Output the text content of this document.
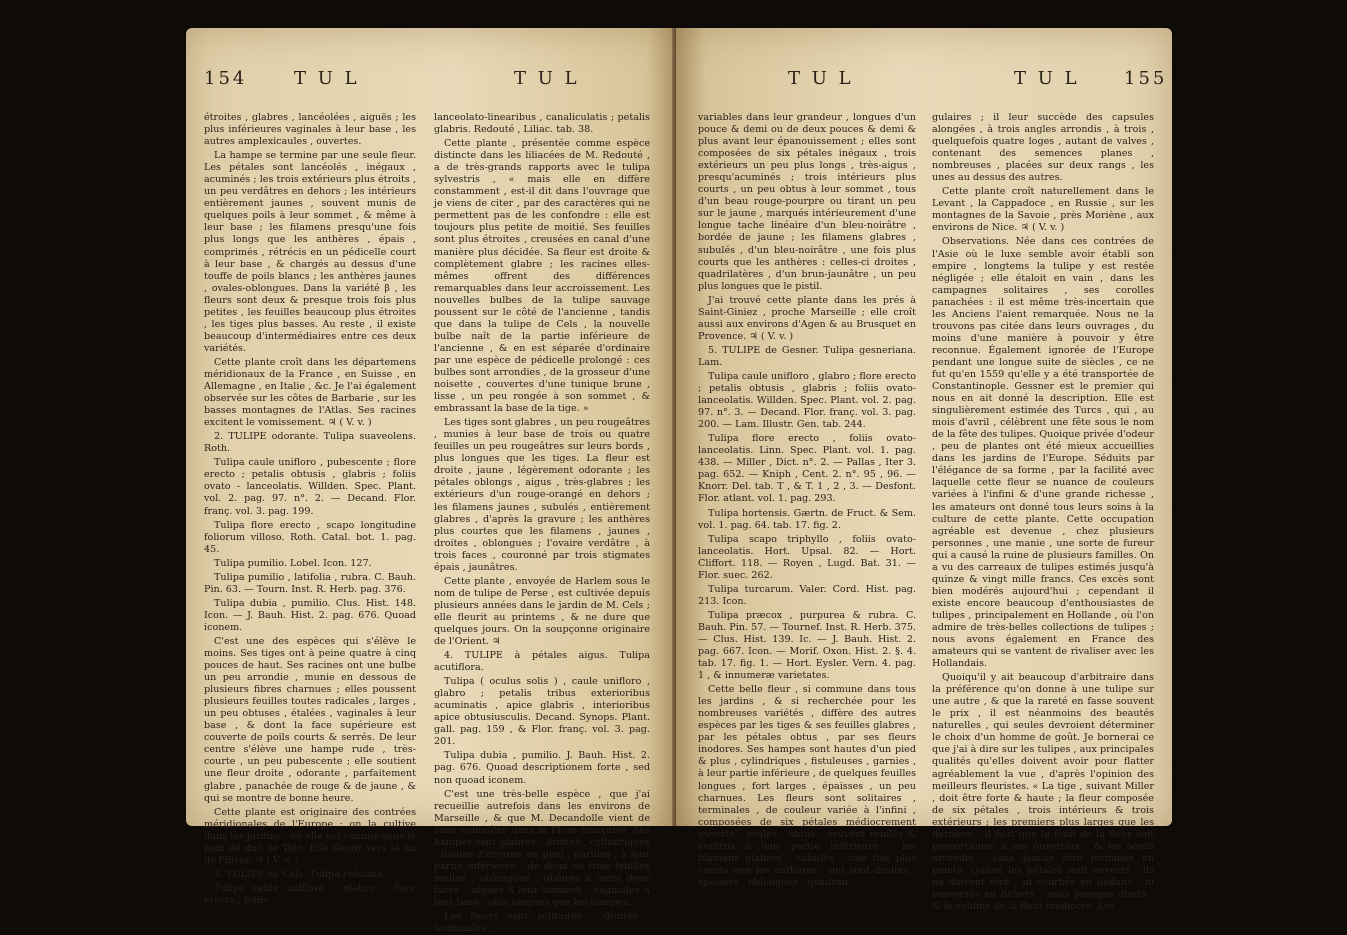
154	T U L	T U L

étroites , glabres , lancéolées , aiguës ; les plus inférieures vaginales à leur base , les autres amplexicaules , ouvertes.

La hampe se termine par une seule fleur. Les pétales sont lancéolés , inégaux , acuminés ; les trois extérieurs plus étroits , un peu verdâtres en dehors ; les intérieurs entièrement jaunes , souvent munis de quelques poils à leur sommet , & même à leur base ; les filamens presqu'une fois plus longs que les anthères , épais , comprimés , rétrécis en un pédicelle court à leur base , & chargés au dessus d'une touffe de poils blancs ; les anthères jaunes , ovales-oblongues. Dans la variété β , les fleurs sont deux & presque trois fois plus petites , les feuilles beaucoup plus étroites , les tiges plus basses. Au reste , il existe beaucoup d'intermédiaires entre ces deux variétés.

Cette plante croît dans les départemens méridionaux de la France , en Suisse , en Allemagne , en Italie , &c. Je l'ai également observée sur les côtes de Barbarie , sur les basses montagnes de l'Atlas. Ses racines excitent le vomissement. ♃ ( V. v. )

2. TULIPE odorante. Tulipa suaveolens. Roth.

Tulipa caule unifloro , pubescente ; flore erecto ; petalis obtusis , glabris ; foliis ovato - lanceolatis. Willden. Spec. Plant. vol. 2. pag. 97. n°. 2. — Decand. Flor. franç. vol. 3. pag. 199.

Tulipa flore erecto , scapo longitudine foliorum villoso. Roth. Catal. bot. 1. pag. 45.

Tulipa pumilio. Lobel. Icon. 127.

Tulipa pumilio , latifolia , rubra. C. Bauh. Pin. 63. — Tourn. Inst. R. Herb. pag. 376.

Tulipa dubia , pumilio. Clus. Hist. 148. Icon. — J. Bauh. Hist. 2. pag. 676. Quoad iconem.

C'est une des espèces qui s'élève le moins. Ses tiges ont à peine quatre à cinq pouces de haut. Ses racines ont une bulbe un peu arrondie , munie en dessous de plusieurs fibres charnues ; elles poussent plusieurs feuilles toutes radicales , larges , un peu obtuses , étalées , vaginales à leur base , & dont la face supérieure est couverte de poils courts & serrés. De leur centre s'élève une hampe rude , très-courte , un peu pubescente ; elle soutient une fleur droite , odorante , parfaitement glabre , panachée de rouge & de jaune , & qui se montre de bonne heure.

Cette plante est originaire des contrées méridionales de l'Europe : on la cultive dans les jardins , où elle est connue sous le nom de duc de Tole. Elle fleurit vers la fin de l'hiver. ♃ ( V. v. )

3. TULIPE de Cels. Tulipa celsiana.

Tulipa caule unifloro , glabro ; flore erecto ; foliis

lanceolato-linearibus , canaliculatis ; petalis glabris. Redouté , Liliac. tab. 38.

Cette plante , présentée comme espèce distincte dans les liliacées de M. Redouté , a de très-grands rapports avec le tulipa sylvestris , « mais elle en diffère constamment , est-il dit dans l'ouvrage que je viens de citer , par des caractères qui ne permettent pas de les confondre : elle est toujours plus petite de moitié. Ses feuilles sont plus étroites , creusées en canal d'une manière plus décidée. Sa fleur est droite & complètement glabre ; les racines elles-mêmes offrent des différences remarquables dans leur accroissement. Les nouvelles bulbes de la tulipe sauvage poussent sur le côté de l'ancienne , tandis que dans la tulipe de Cels , la nouvelle bulbe naît de la partie inférieure de l'ancienne , & en est séparée d'ordinaire par une espèce de pédicelle prolongé : ces bulbes sont arrondies , de la grosseur d'une noisette , couvertes d'une tunique brune , lisse , un peu rongée à son sommet , & embrassant la base de la tige. »

Les tiges sont glabres , un peu rougeâtres , munies à leur base de trois ou quatre feuilles un peu rougeâtres sur leurs bords , plus longues que les tiges. La fleur est droite , jaune , légèrement odorante ; les pétales oblongs , aigus , très-glabres ; les extérieurs d'un rouge-orangé en dehors ; les filamens jaunes , subulés , entièrement glabres , d'après la gravure ; les anthères plus courtes que les filamens , jaunes , droites , oblongues ; l'ovaire verdâtre , à trois faces , couronné par trois stigmates épais , jaunâtres.

Cette plante , envoyée de Harlem sous le nom de tulipe de Perse , est cultivée depuis plusieurs années dans le jardin de M. Cels ; elle fleurit au printems , & ne dure que quelques jours. On la soupçonne originaire de l'Orient. ♃

4. TULIPE à pétales aigus. Tulipa acutiflora.

Tulipa ( oculus solis ) , caule unifloro , glabro ; petalis tribus exterioribus acuminatis , apice glabris , interioribus apice obtusiusculis. Decand. Synops. Plant. gall. pag. 159 , & Flor. franç. vol. 3. pag. 201.

Tulipa dubia , pumilio. J. Bauh. Hist. 2. pag. 676. Quoad descriptionem forte , sed non quoad iconem.

C'est une très-belle espèce , que j'ai recueillie autrefois dans les environs de Marseille , & que M. Decandolle vient de faire connoître dans la Flore française. Ses hampes sont glabres , droites , cylindriques , hautes d'environ un pied , garnies , à leur partie inférieure , de deux ou trois feuilles molles , oblongues , glabres à leurs deux faces , aiguës à leur sommet , vaginales à leur base , plus longues que les hampes.

Les fleurs sont solitaires , droites , terminales ,

T U L	T U L 155

variables dans leur grandeur , longues d'un pouce & demi ou de deux pouces & demi & plus avant leur épanouissement ; elles sont composées de six pétales inégaux , trois extérieurs un peu plus longs , très-aigus , presqu'acuminés ; trois intérieurs plus courts , un peu obtus à leur sommet , tous d'un beau rouge-pourpre ou tirant un peu sur le jaune , marqués intérieurement d'une longue tache linéaire d'un bleu-noirâtre , bordée de jaune ; les filamens glabres , subulés , d'un bleu-noirâtre , une fois plus courts que les anthères : celles-ci droites , quadrilatères , d'un brun-jaunâtre , un peu plus longues que le pistil.

J'ai trouvé cette plante dans les prés à Saint-Giniez , proche Marseille ; elle croît aussi aux environs d'Agen & au Brusquet en Provence. ♃ ( V. v. )

5. TULIPE de Gesner. Tulipa gesneriana. Lam.

Tulipa caule unifloro , glabro ; flore erecto ; petalis obtusis , glabris ; foliis ovato-lanceolatis. Willden. Spec. Plant. vol. 2. pag. 97. n°. 3. — Decand. Flor. franç. vol. 3. pag. 200. — Lam. Illustr. Gen. tab. 244.

Tulipa flore erecto , foliis ovato-lanceolatis. Linn. Spec. Plant. vol. 1. pag. 438. — Miller , Dict. n°. 2. — Pallas , Iter 3. pag. 652. — Kniph , Cent. 2. n°. 95 , 96. — Knorr. Del. tab. T , & T. 1 , 2 , 3. — Desfont. Flor. atlant. vol. 1. pag. 293.

Tulipa hortensis. Gærtn. de Fruct. & Sem. vol. 1. pag. 64. tab. 17. fig. 2.

Tulipa scapo triphyllo , foliis ovato-lanceolatis. Hort. Upsal. 82. — Hort. Cliffort. 118. — Royen , Lugd. Bat. 31. — Flor. suec. 262.

Tulipa turcarum. Valer. Cord. Hist. pag. 213. Icon.

Tulipa præcox , purpurea & rubra. C. Bauh. Pin. 57. — Tournef. Inst. R. Herb. 375. — Clus. Hist. 139. Ic. — J. Bauh. Hist. 2. pag. 667. Icon. — Morif. Oxon. Hist. 2. §. 4. tab. 17. fig. 1. — Hort. Eysler. Vern. 4. pag. 1 , & innumeræ varietates.

Cette belle fleur , si commune dans tous les jardins , & si recherchée pour les nombreuses variétés , diffère des autres espèces par les tiges & ses feuilles glabres , par les pétales obtus , par ses fleurs inodores. Ses hampes sont hautes d'un pied & plus , cylindriques , fistuleuses , garnies , à leur partie inférieure , de quelques feuilles longues , fort larges , épaisses , un peu charnues. Les fleurs sont solitaires , terminales , de couleur variée à l'infini , composées de six pétales médiocrement ouverts , ovales , obtus , souvent renflés & ventrus à leur partie inférieure ; les filamens glabres , subulés , une fois plus courts que les anthères , qui sont droites , épaisses , oblongues , quadran-

gulaires ; il leur succède des capsules alongées , à trois angles arrondis , à trois , quelquefois quatre loges , autant de valves , contenant des semences planes , nombreuses , placées sur deux rangs , les unes au dessus des autres.

Cette plante croît naturellement dans le Levant , la Cappadoce , en Russie , sur les montagnes de la Savoie , près Moriène , aux environs de Nice. ♃ ( V. v. )

Observations. Née dans ces contrées de l'Asie où le luxe semble avoir établi son empire , longtems la tulipe y est restée négligée ; elle étaloit en vain , dans les campagnes solitaires , ses corolles panachées : il est même très-incertain que les Anciens l'aient remarquée. Nous ne la trouvons pas citée dans leurs ouvrages , du moins d'une manière à pouvoir y être reconnue. Également ignorée de l'Europe pendant une longue suite de siècles , ce ne fut qu'en 1559 qu'elle y a été transportée de Constantinople. Gessner est le premier qui nous en ait donné la description. Elle est singulièrement estimée des Turcs , qui , au mois d'avril , célèbrent une fête sous le nom de la fête des tulipes. Quoique privée d'odeur , peu de plantes ont été mieux accueillies dans les jardins de l'Europe. Séduits par l'élégance de sa forme , par la facilité avec laquelle cette fleur se nuance de couleurs variées à l'infini & d'une grande richesse , les amateurs ont donné tous leurs soins à la culture de cette plante. Cette occupation agréable est devenue , chez plusieurs personnes , une manie , une sorte de fureur qui a causé la ruine de plusieurs familles. On a vu des carreaux de tulipes estimés jusqu'à quinze & vingt mille francs. Ces excès sont bien modérés aujourd'hui ; cependant il existe encore beaucoup d'enthousiastes de tulipes , principalement en Hollande , où l'on admire de très-belles collections de tulipes ; nous avons également en France des amateurs qui se vantent de rivaliser avec les Hollandais.

Quoiqu'il y ait beaucoup d'arbitraire dans la préférence qu'on donne à une tulipe sur une autre , & que la rareté en fasse souvent le prix , il est néanmoins des beautés naturelles , qui seules devroient déterminer le choix d'un homme de goût. Je bornerai ce que j'ai à dire sur les tulipes , aux principales qualités qu'elles doivent avoir pour flatter agréablement la vue , d'après l'opinion des meilleurs fleuristes. « La tige , suivant Miller , doit être forte & haute ; la fleur composée de six pétales , trois intérieurs & trois extérieurs ; les premiers plus larges que les derniers : il faut que le fond de la fleur soit proportionné à son ouverture , & les bords arrondis , sans jamais être terminés en pointe. Quand les pétales sont ouverts , ils ne doivent être , ni courbés en dedans , ni renversés en dehors , mais presque droits , & le volume de la fleur médiocre. Les
